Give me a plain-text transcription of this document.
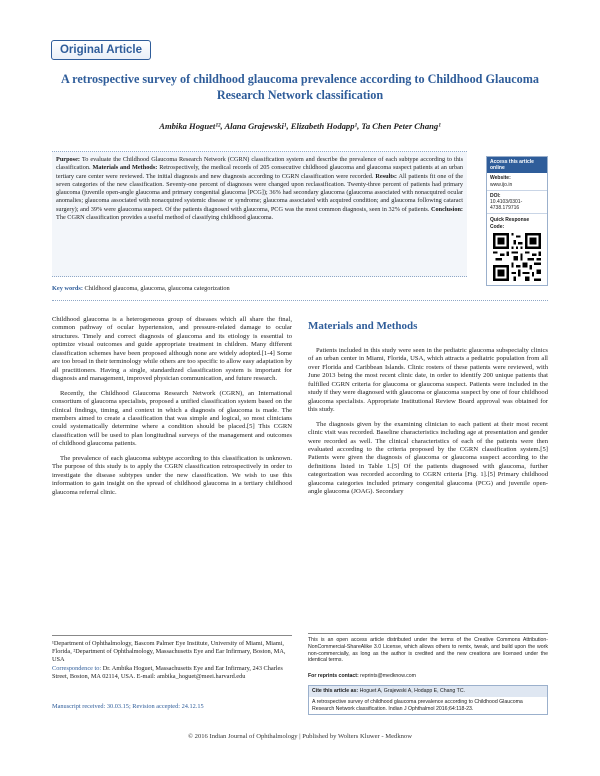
Original Article
A retrospective survey of childhood glaucoma prevalence according to Childhood Glaucoma Research Network classification
Ambika Hoguet¹², Alana Grajewski¹, Elizabeth Hodapp¹, Ta Chen Peter Chang¹
Purpose: To evaluate the Childhood Glaucoma Research Network (CGRN) classification system and describe the prevalence of each subtype according to this classification. Materials and Methods: Retrospectively, the medical records of 205 consecutive childhood glaucoma and glaucoma suspect patients at an urban tertiary care center were reviewed. The initial diagnosis and new diagnosis according to CGRN classification were recorded. Results: All patients fit one of the seven categories of the new classification. Seventy-one percent of diagnoses were changed upon reclassification. Twenty-three percent of patients had primary glaucoma (juvenile open-angle glaucoma and primary congenital glaucoma [PCG]); 36% had secondary glaucoma (glaucoma associated with nonacquired ocular anomalies; glaucoma associated with nonacquired systemic disease or syndrome; glaucoma associated with acquired condition; and glaucoma following cataract surgery); and 39% were glaucoma suspect. Of the patients diagnosed with glaucoma, PCG was the most common diagnosis, seen in 32% of patients. Conclusion: The CGRN classification provides a useful method of classifying childhood glaucoma.
Key words: Childhood glaucoma, glaucoma, glaucoma categorization
Access this article online
Website:
www.ijo.in
DOI:
10.4103/0301-4738.179716
Quick Response Code:

Childhood glaucoma is a heterogeneous group of diseases which all share the final, common pathway of ocular hypertension, and pressure-related damage to ocular structures. Timely and correct diagnosis of glaucoma and its etiology is essential to optimize visual outcomes and guide appropriate treatment in children. Many different classification schemes have been proposed although none are widely adopted.[1-4] Some are too broad in their terminology while others are too specific to allow easy adaptation by all practitioners. Having a single, standardized classification system is important for diagnosis and management, improved physician communication, and future research.

Recently, the Childhood Glaucoma Research Network (CGRN), an International consortium of glaucoma specialists, proposed a unified classification system based on the clinical findings, timing, and context in which a diagnosis of glaucoma is made. The members aimed to create a classification that was simple and logical, so most clinicians could systematically determine where a condition should be placed.[5] This CGRN classification will be used to plan longitudinal surveys of the management and outcomes of childhood glaucoma patients.

The prevalence of each glaucoma subtype according to this classification is unknown. The purpose of this study is to apply the CGRN classification retrospectively in order to investigate the disease subtypes under the new classification. We wish to use this information to gain insight on the spread of childhood glaucoma in a tertiary childhood glaucoma referral clinic.

Materials and Methods

Patients included in this study were seen in the pediatric glaucoma subspecialty clinics of an urban center in Miami, Florida, USA, which attracts a pediatric population from all over Florida and Caribbean Islands. Clinic rosters of these patients were reviewed, with June 2013 being the most recent clinic date, in order to identify 200 unique patients that fulfilled CGRN criteria for glaucoma or glaucoma suspect. Patients were included in the study if they were diagnosed with glaucoma or glaucoma suspect by one of four childhood glaucoma specialists. Appropriate Institutional Review Board approval was obtained for this study.

The diagnosis given by the examining clinician to each patient at their most recent clinic visit was recorded. Baseline characteristics including age at presentation and gender were recorded as well. The clinical characteristics of each of the patients were then evaluated according to the criteria proposed by the CGRN classification system.[5] Patients were given the diagnosis of glaucoma or glaucoma suspect according to the definitions listed in Table 1.[5] Of the patients diagnosed with glaucoma, further categorization was recorded according to CGRN criteria [Fig. 1].[5] Primary childhood glaucoma categories included primary congenital glaucoma (PCG) and juvenile open-angle glaucoma (JOAG). Secondary

¹Department of Ophthalmology, Bascom Palmer Eye Institute, University of Miami, Miami, Florida, ²Department of Ophthalmology, Massachusetts Eye and Ear Infirmary, Boston, MA, USA
Correspondence to: Dr. Ambika Hoguet, Massachusetts Eye and Ear Infirmary, 243 Charles Street, Boston, MA 02114, USA. E-mail: ambika_hoguet@meei.harvard.edu
Manuscript received: 30.03.15; Revision accepted: 24.12.15
This is an open access article distributed under the terms of the Creative Commons Attribution-NonCommercial-ShareAlike 3.0 License, which allows others to remix, tweak, and build upon the work non-commercially, as long as the author is credited and the new creations are licensed under the identical terms.
For reprints contact: reprints@medknow.com
Cite this article as: Hoguet A, Grajewski A, Hodapp E, Chang TC.
A retrospective survey of childhood glaucoma prevalence according to Childhood Glaucoma Research Network classification. Indian J Ophthalmol 2016;64:118-23.
© 2016 Indian Journal of Ophthalmology | Published by Wolters Kluwer - Medknow
